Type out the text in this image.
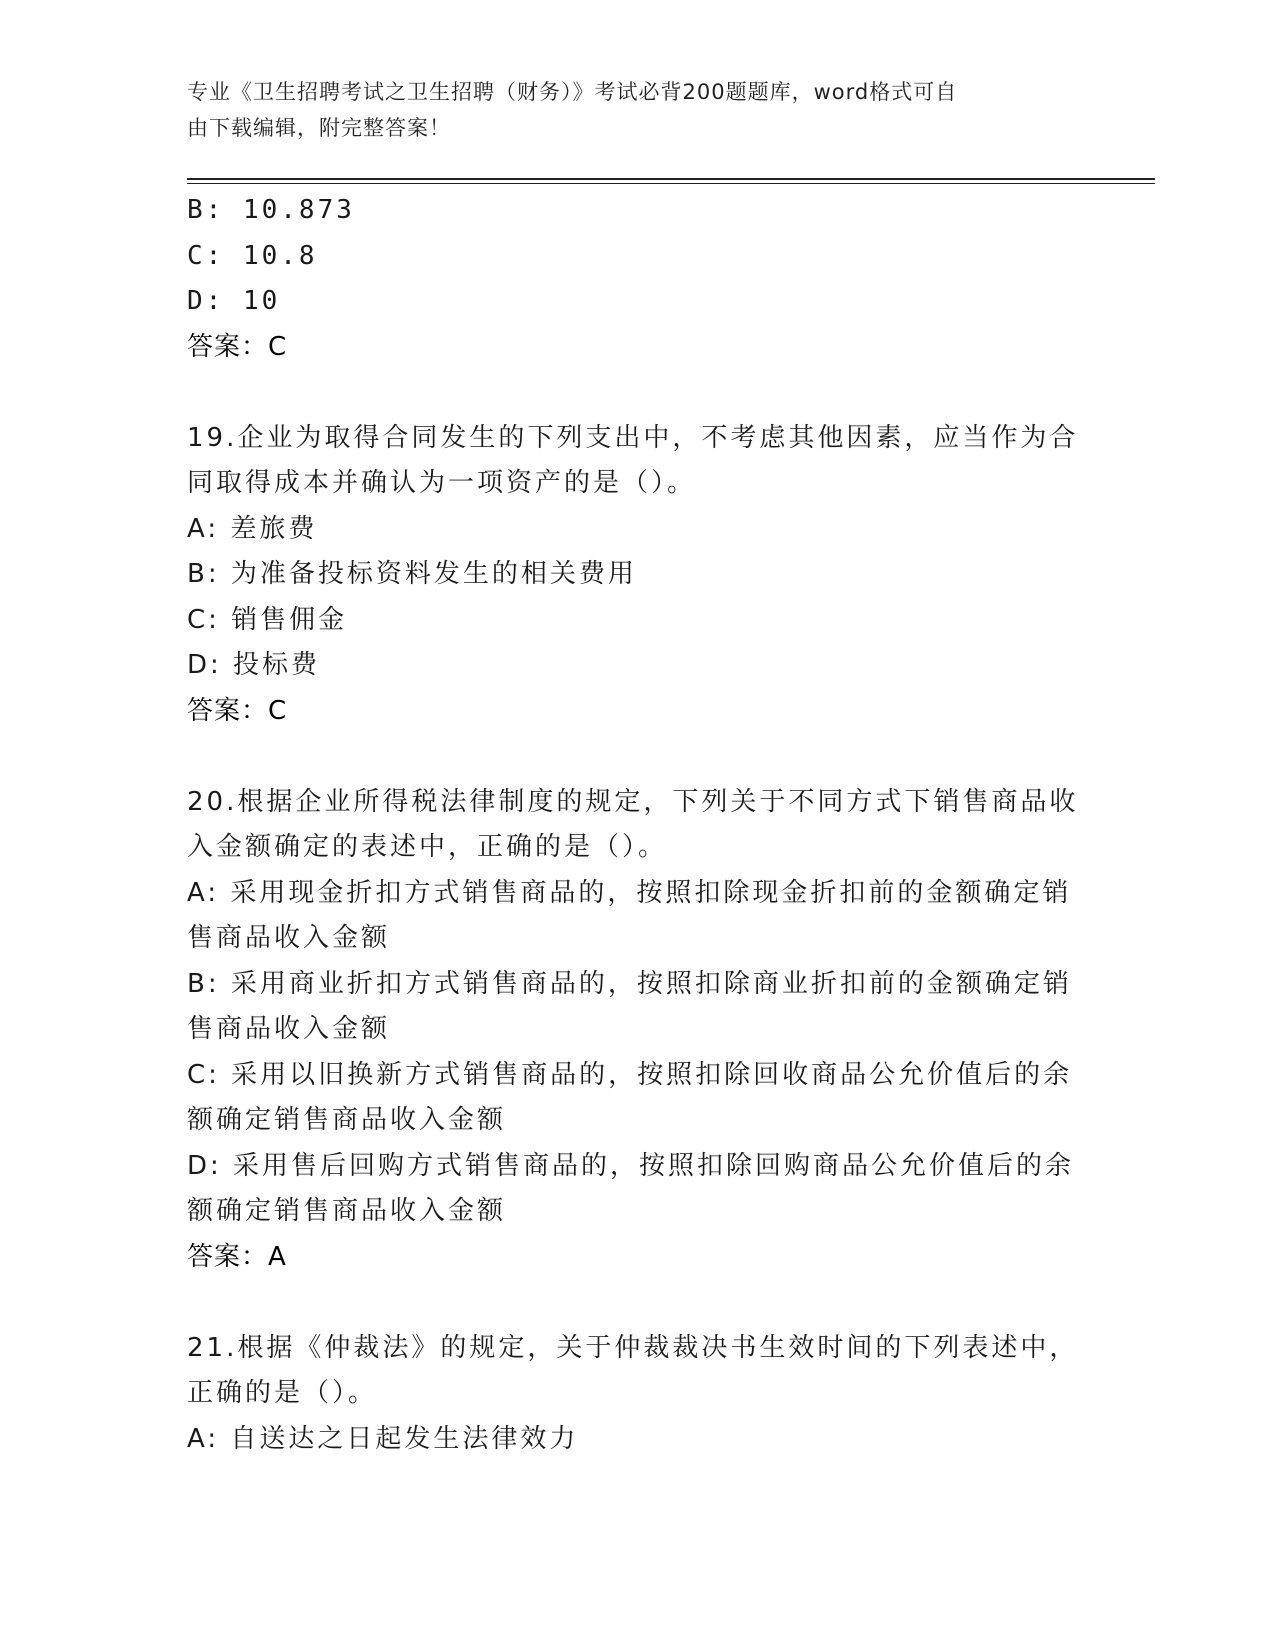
专业《卫生招聘考试之卫生招聘（财务）》考试必背200题题库，word格式可自
由下载编辑，附完整答案！
B: 10.873
C: 10.8
D: 10
答案：C
19.企业为取得合同发生的下列支出中，不考虑其他因素，应当作为合
同取得成本并确认为一项资产的是（）。
A: 差旅费
B: 为准备投标资料发生的相关费用
C: 销售佣金
D: 投标费
答案：C
20.根据企业所得税法律制度的规定，下列关于不同方式下销售商品收
入金额确定的表述中，正确的是（）。
A: 采用现金折扣方式销售商品的，按照扣除现金折扣前的金额确定销
售商品收入金额
B: 采用商业折扣方式销售商品的，按照扣除商业折扣前的金额确定销
售商品收入金额
C: 采用以旧换新方式销售商品的，按照扣除回收商品公允价值后的余
额确定销售商品收入金额
D: 采用售后回购方式销售商品的，按照扣除回购商品公允价值后的余
额确定销售商品收入金额
答案：A
21.根据《仲裁法》的规定，关于仲裁裁决书生效时间的下列表述中，
正确的是（）。
A: 自送达之日起发生法律效力
